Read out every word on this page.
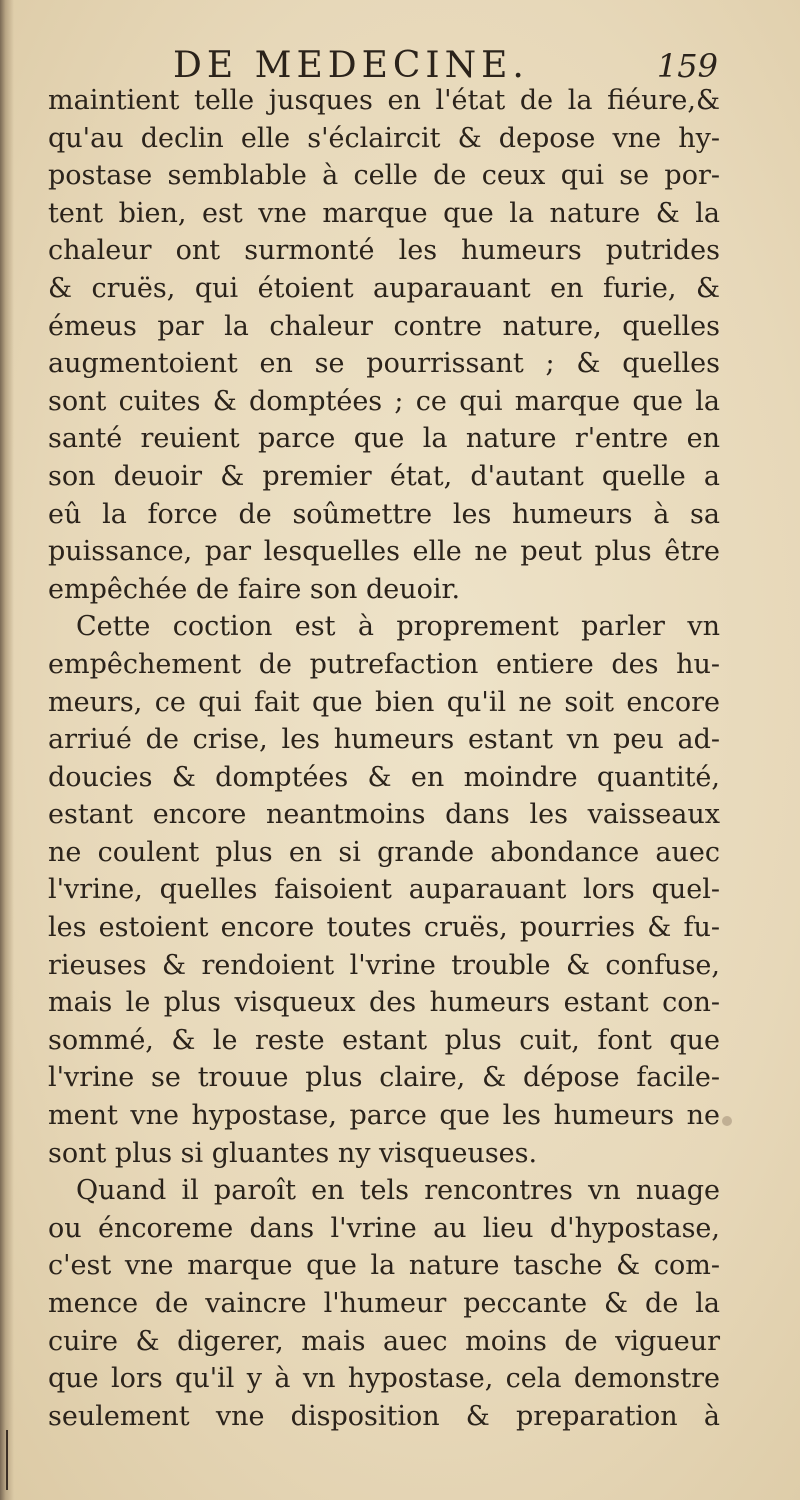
DE MEDECINE.	159
maintient telle jusques en l'état de la fiéure,&
qu'au declin elle s'éclaircit & depose vne hy-
postase semblable à celle de ceux qui se por-
tent bien, est vne marque que la nature & la
chaleur ont surmonté les humeurs putrides
& cruës, qui étoient auparauant en furie, &
émeus par la chaleur contre nature, quelles
augmentoient en se pourrissant ; & quelles
sont cuites & domptées ; ce qui marque que la
santé reuient parce que la nature r'entre en
son deuoir & premier état, d'autant quelle a
eû la force de soûmettre les humeurs à sa
puissance, par lesquelles elle ne peut plus être
empêchée de faire son deuoir.
Cette coction est à proprement parler vn
empêchement de putrefaction entiere des hu-
meurs, ce qui fait que bien qu'il ne soit encore
arriué de crise, les humeurs estant vn peu ad-
doucies & domptées & en moindre quantité,
estant encore neantmoins dans les vaisseaux
ne coulent plus en si grande abondance auec
l'vrine, quelles faisoient auparauant lors quel-
les estoient encore toutes cruës, pourries & fu-
rieuses & rendoient l'vrine trouble & confuse,
mais le plus visqueux des humeurs estant con-
sommé, & le reste estant plus cuit, font que
l'vrine se trouue plus claire, & dépose facile-
ment vne hypostase, parce que les humeurs ne
sont plus si gluantes ny visqueuses.
Quand il paroît en tels rencontres vn nuage
ou éncoreme dans l'vrine au lieu d'hypostase,
c'est vne marque que la nature tasche & com-
mence de vaincre l'humeur peccante & de la
cuire & digerer, mais auec moins de vigueur
que lors qu'il y à vn hypostase, cela demonstre
seulement vne disposition & preparation à
